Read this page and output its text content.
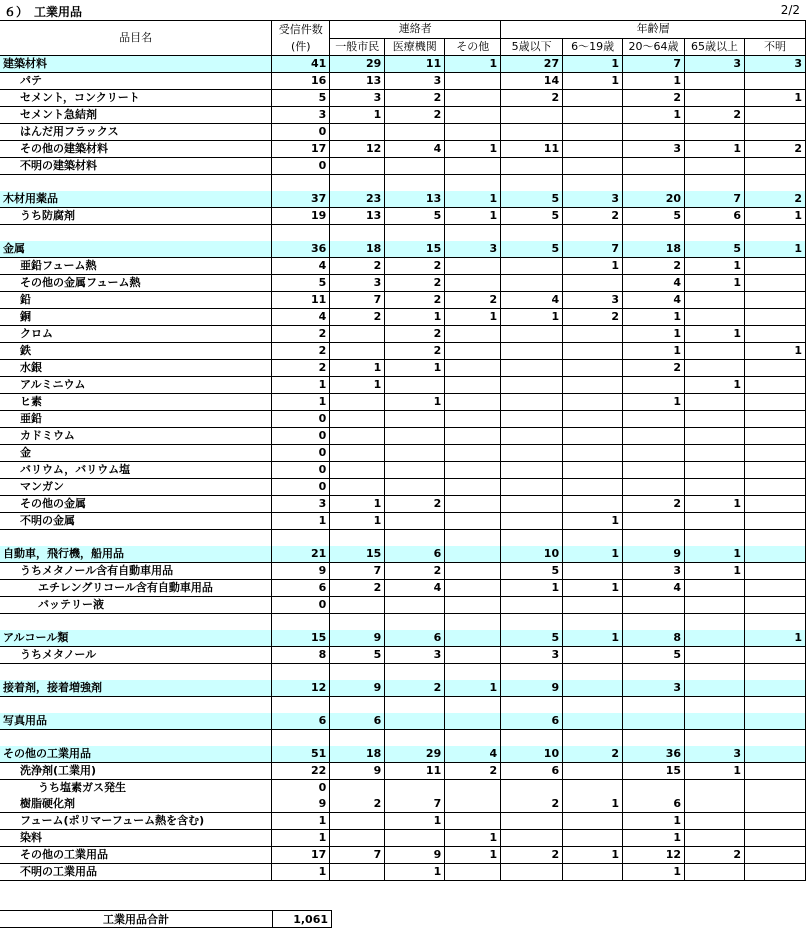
６）　工業用品	2/2
品目名	受信件数	連絡者			年齢層				
	(件)	一般市民	医療機関	その他	5歳以下	6～19歳	20～64歳	65歳以上	不明
建築材料	41	29	11	1	27	1	7	3	3
パテ	16	13	3		14	1	1		
セメント，コンクリート	5	3	2		2		2		1
セメント急結剤	3	1	2				1	2	
はんだ用フラックス	0								
その他の建築材料	17	12	4	1	11		3	1	2
不明の建築材料	0								

木材用薬品	37	23	13	1	5	3	20	7	2
うち防腐剤	19	13	5	1	5	2	5	6	1

金属	36	18	15	3	5	7	18	5	1
亜鉛フューム熱	4	2	2			1	2	1	
その他の金属フューム熱	5	3	2				4	1	
鉛	11	7	2	2	4	3	4		
銅	4	2	1	1	1	2	1		
クロム	2		2				1	1	
鉄	2		2				1		1
水銀	2	1	1				2		
アルミニウム	1	1						1	
ヒ素	1		1				1		
亜鉛	0								
カドミウム	0								
金	0								
バリウム，バリウム塩	0								
マンガン	0								
その他の金属	3	1	2				2	1	
不明の金属	1	1				1			

自動車，飛行機，船用品	21	15	6		10	1	9	1	
うちメタノール含有自動車用品	9	7	2		5		3	1	
エチレングリコール含有自動車用品	6	2	4		1	1	4		
バッテリー液	0								

アルコール類	15	9	6		5	1	8		1
うちメタノール	8	5	3		3		5		

接着剤，接着増強剤	12	9	2	1	9		3		

写真用品	6	6			6				

その他の工業用品	51	18	29	4	10	2	36	3	
洗浄剤(工業用)	22	9	11	2	6		15	1	
うち塩素ガス発生	0								
樹脂硬化剤	9	2	7		2	1	6		
フューム(ポリマーフューム熱を含む)	1		1				1		
染料	1			1			1		
その他の工業用品	17	7	9	1	2	1	12	2	
不明の工業用品	1		1				1		
工業用品合計	1,061
